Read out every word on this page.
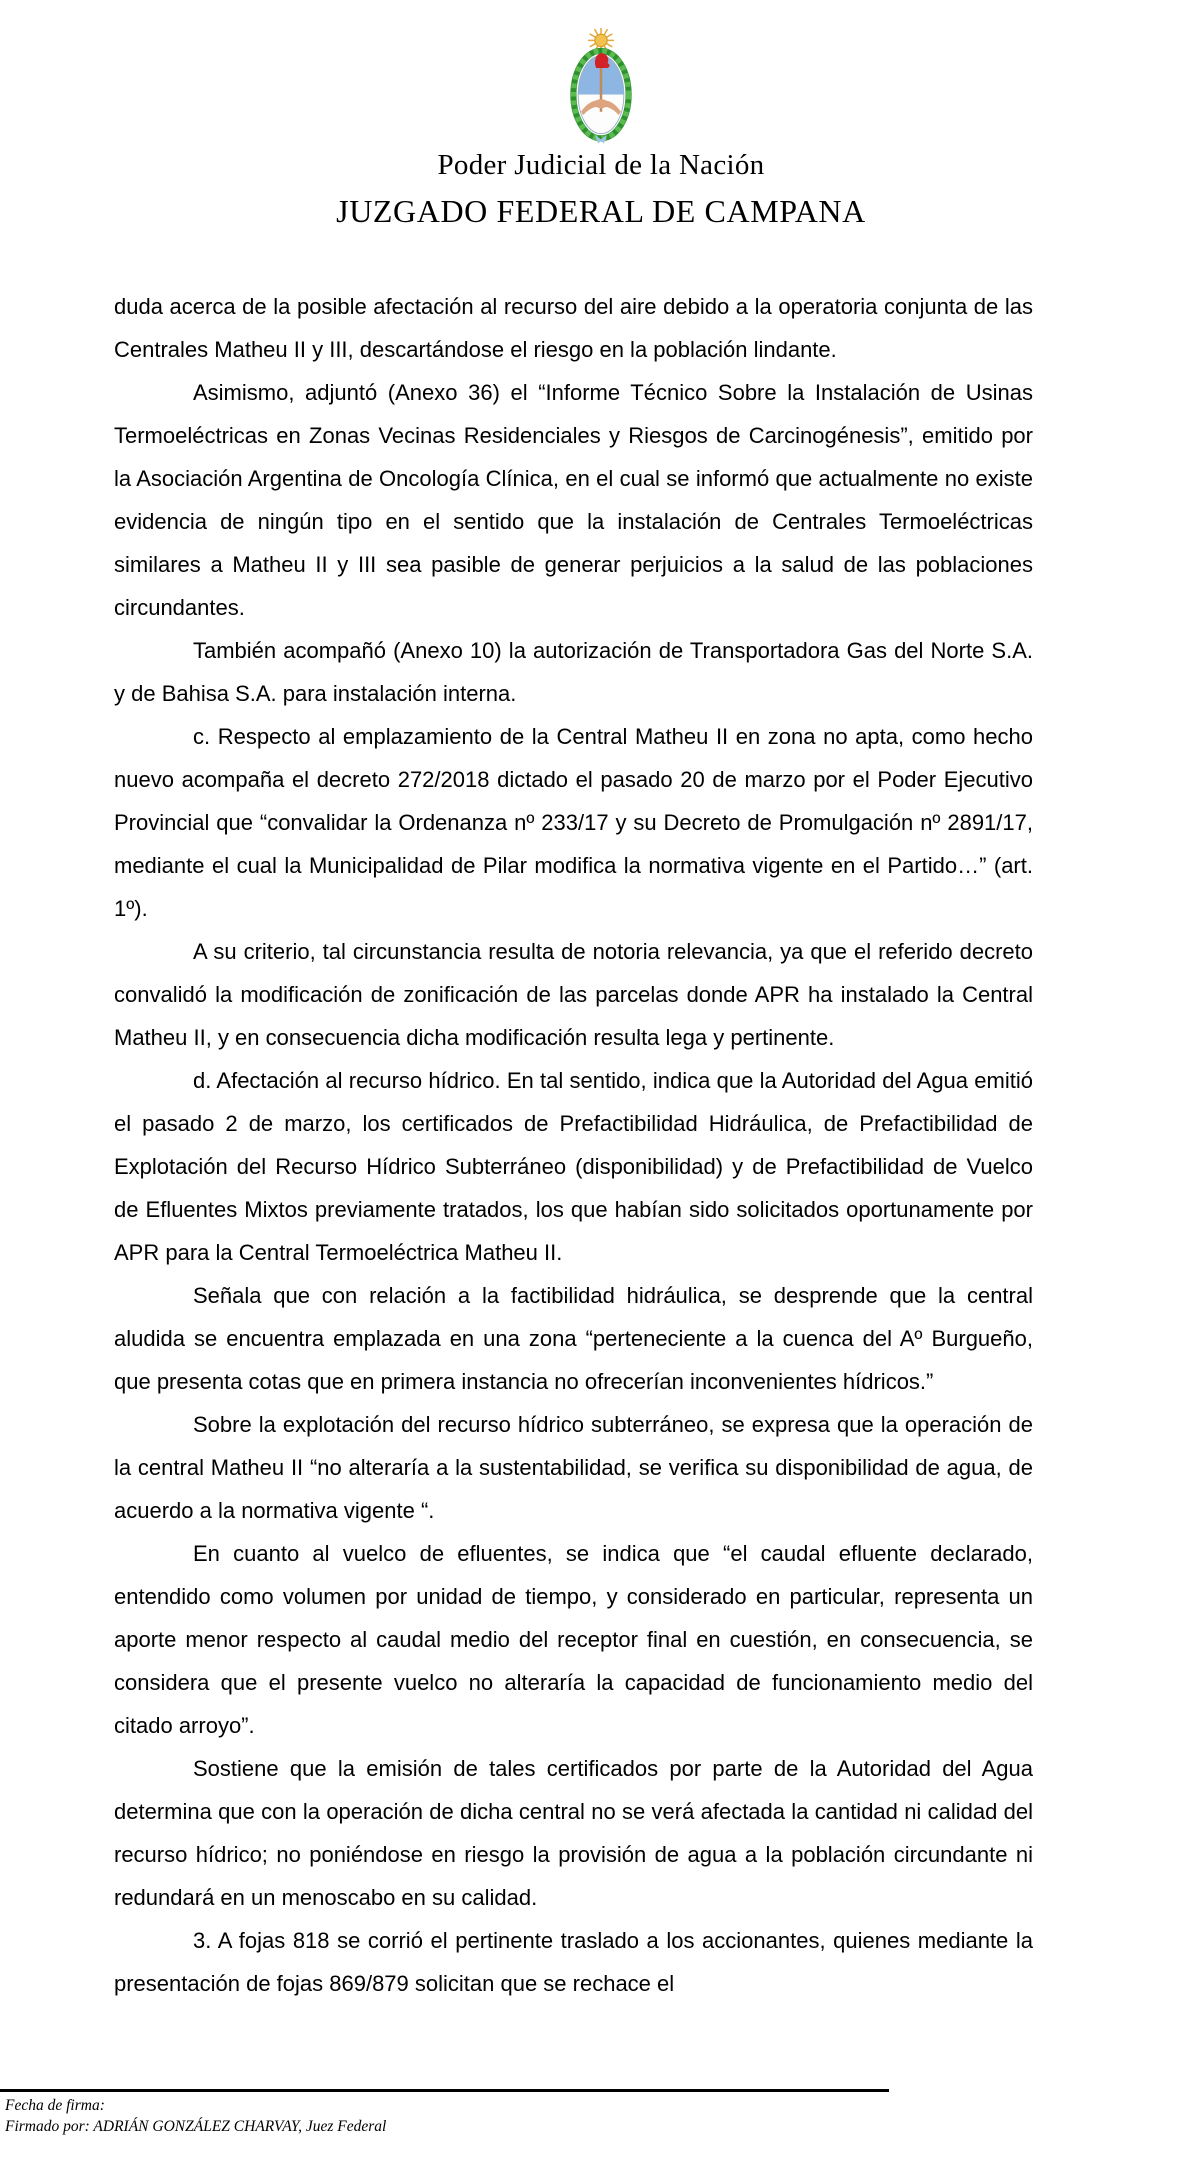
Poder Judicial de la Nación
JUZGADO FEDERAL DE CAMPANA

duda acerca de la posible afectación al recurso del aire debido a la operatoria conjunta de las Centrales Matheu II y III, descartándose el riesgo en la población lindante.

Asimismo, adjuntó (Anexo 36) el “Informe Técnico Sobre la Instalación de Usinas Termoeléctricas en Zonas Vecinas Residenciales y Riesgos de Carcinogénesis”, emitido por la Asociación Argentina de Oncología Clínica, en el cual se informó que actualmente no existe evidencia de ningún tipo en el sentido que la instalación de Centrales Termoeléctricas similares a Matheu II y III sea pasible de generar perjuicios a la salud de las poblaciones circundantes.

También acompañó (Anexo 10) la autorización de Transportadora Gas del Norte S.A. y de Bahisa S.A. para instalación interna.

c. Respecto al emplazamiento de la Central Matheu II en zona no apta, como hecho nuevo acompaña el decreto 272/2018 dictado el pasado 20 de marzo por el Poder Ejecutivo Provincial que “convalidar la Ordenanza nº 233/17 y su Decreto de Promulgación nº 2891/17, mediante el cual la Municipalidad de Pilar modifica la normativa vigente en el Partido…” (art. 1º).

A su criterio, tal circunstancia resulta de notoria relevancia, ya que el referido decreto convalidó la modificación de zonificación de las parcelas donde APR ha instalado la Central Matheu II, y en consecuencia dicha modificación resulta lega y pertinente.

d. Afectación al recurso hídrico. En tal sentido, indica que la Autoridad del Agua emitió el pasado 2 de marzo, los certificados de Prefactibilidad Hidráulica, de Prefactibilidad de Explotación del Recurso Hídrico Subterráneo (disponibilidad) y de Prefactibilidad de Vuelco de Efluentes Mixtos previamente tratados, los que habían sido solicitados oportunamente por APR para la Central Termoeléctrica Matheu II.

Señala que con relación a la factibilidad hidráulica, se desprende que la central aludida se encuentra emplazada en una zona “perteneciente a la cuenca del Aº Burgueño, que presenta cotas que en primera instancia no ofrecerían inconvenientes hídricos.”

Sobre la explotación del recurso hídrico subterráneo, se expresa que la operación de la central Matheu II “no alteraría a la sustentabilidad, se verifica su disponibilidad de agua, de acuerdo a la normativa vigente “.

En cuanto al vuelco de efluentes, se indica que “el caudal efluente declarado, entendido como volumen por unidad de tiempo, y considerado en particular, representa un aporte menor respecto al caudal medio del receptor final en cuestión, en consecuencia, se considera que el presente vuelco no alteraría la capacidad de funcionamiento medio del citado arroyo”.

Sostiene que la emisión de tales certificados por parte de la Autoridad del Agua determina que con la operación de dicha central no se verá afectada la cantidad ni calidad del recurso hídrico; no poniéndose en riesgo la provisión de agua a la población circundante ni redundará en un menoscabo en su calidad.

3. A fojas 818 se corrió el pertinente traslado a los accionantes, quienes mediante la presentación de fojas 869/879 solicitan que se rechace el

Fecha de firma:
Firmado por: ADRIÁN GONZÁLEZ CHARVAY, Juez Federal
